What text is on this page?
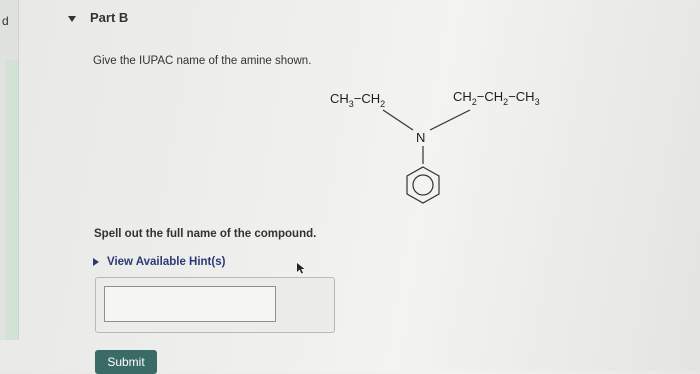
d	Part B
Give the IUPAC name of the amine shown.
$CH_3-CH_2$	$CH_2-CH_2-CH_3$
N
Spell out the full name of the compound.
View Available Hint(s)
Submit
